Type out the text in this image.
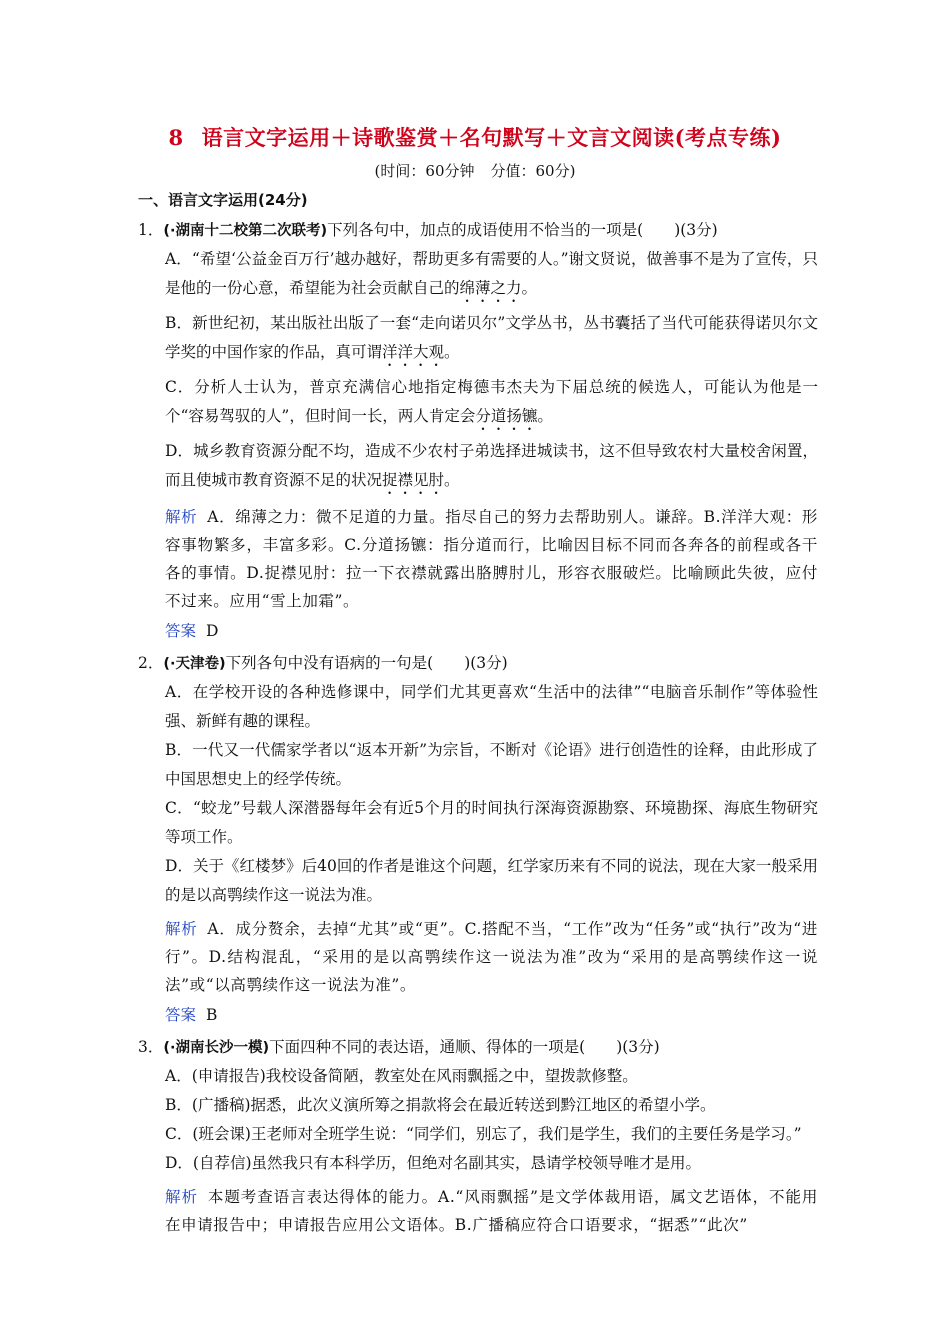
8 语言文字运用＋诗歌鉴赏＋名句默写＋文言文阅读(考点专练)
(时间：60分钟 分值：60分)
一、语言文字运用(24分)
1．(·湖南十二校第二次联考)下列各句中，加点的成语使用不恰当的一项是(　　)(3分)
A．“希望‘公益金百万行’越办越好，帮助更多有需要的人。”谢文贤说，做善事不是为了宣传，只是他的一份心意，希望能为社会贡献自己的绵薄之力。
B．新世纪初，某出版社出版了一套“走向诺贝尔”文学丛书，丛书囊括了当代可能获得诺贝尔文学奖的中国作家的作品，真可谓洋洋大观。
C．分析人士认为，普京充满信心地指定梅德韦杰夫为下届总统的候选人，可能认为他是一个“容易驾驭的人”，但时间一长，两人肯定会分道扬镳。
D．城乡教育资源分配不均，造成不少农村子弟选择进城读书，这不但导致农村大量校舍闲置，而且使城市教育资源不足的状况捉襟见肘。
解析 A．绵薄之力：微不足道的力量。指尽自己的努力去帮助别人。谦辞。B.洋洋大观：形容事物繁多，丰富多彩。C.分道扬镳：指分道而行，比喻因目标不同而各奔各的前程或各干各的事情。D.捉襟见肘：拉一下衣襟就露出胳膊肘儿，形容衣服破烂。比喻顾此失彼，应付不过来。应用“雪上加霜”。
答案 D
2．(·天津卷)下列各句中没有语病的一句是(　　)(3分)
A．在学校开设的各种选修课中，同学们尤其更喜欢“生活中的法律”“电脑音乐制作”等体验性强、新鲜有趣的课程。
B．一代又一代儒家学者以“返本开新”为宗旨，不断对《论语》进行创造性的诠释，由此形成了中国思想史上的经学传统。
C．“蛟龙”号载人深潜器每年会有近5个月的时间执行深海资源勘察、环境勘探、海底生物研究等项工作。
D．关于《红楼梦》后40回的作者是谁这个问题，红学家历来有不同的说法，现在大家一般采用的是以高鹗续作这一说法为准。
解析 A．成分赘余，去掉“尤其”或“更”。C.搭配不当，“工作”改为“任务”或“执行”改为“进行”。D.结构混乱，“采用的是以高鹗续作这一说法为准”改为“采用的是高鹗续作这一说法”或“以高鹗续作这一说法为准”。
答案 B
3．(·湖南长沙一模)下面四种不同的表达语，通顺、得体的一项是(　　)(3分)
A．(申请报告)我校设备简陋，教室处在风雨飘摇之中，望拨款修整。
B．(广播稿)据悉，此次义演所筹之捐款将会在最近转送到黔江地区的希望小学。
C．(班会课)王老师对全班学生说：“同学们，别忘了，我们是学生，我们的主要任务是学习。”
D．(自荐信)虽然我只有本科学历，但绝对名副其实，恳请学校领导唯才是用。
解析 本题考查语言表达得体的能力。A.“风雨飘摇”是文学体裁用语，属文艺语体，不能用在申请报告中；申请报告应用公文语体。B.广播稿应符合口语要求，“据悉”“此次”
